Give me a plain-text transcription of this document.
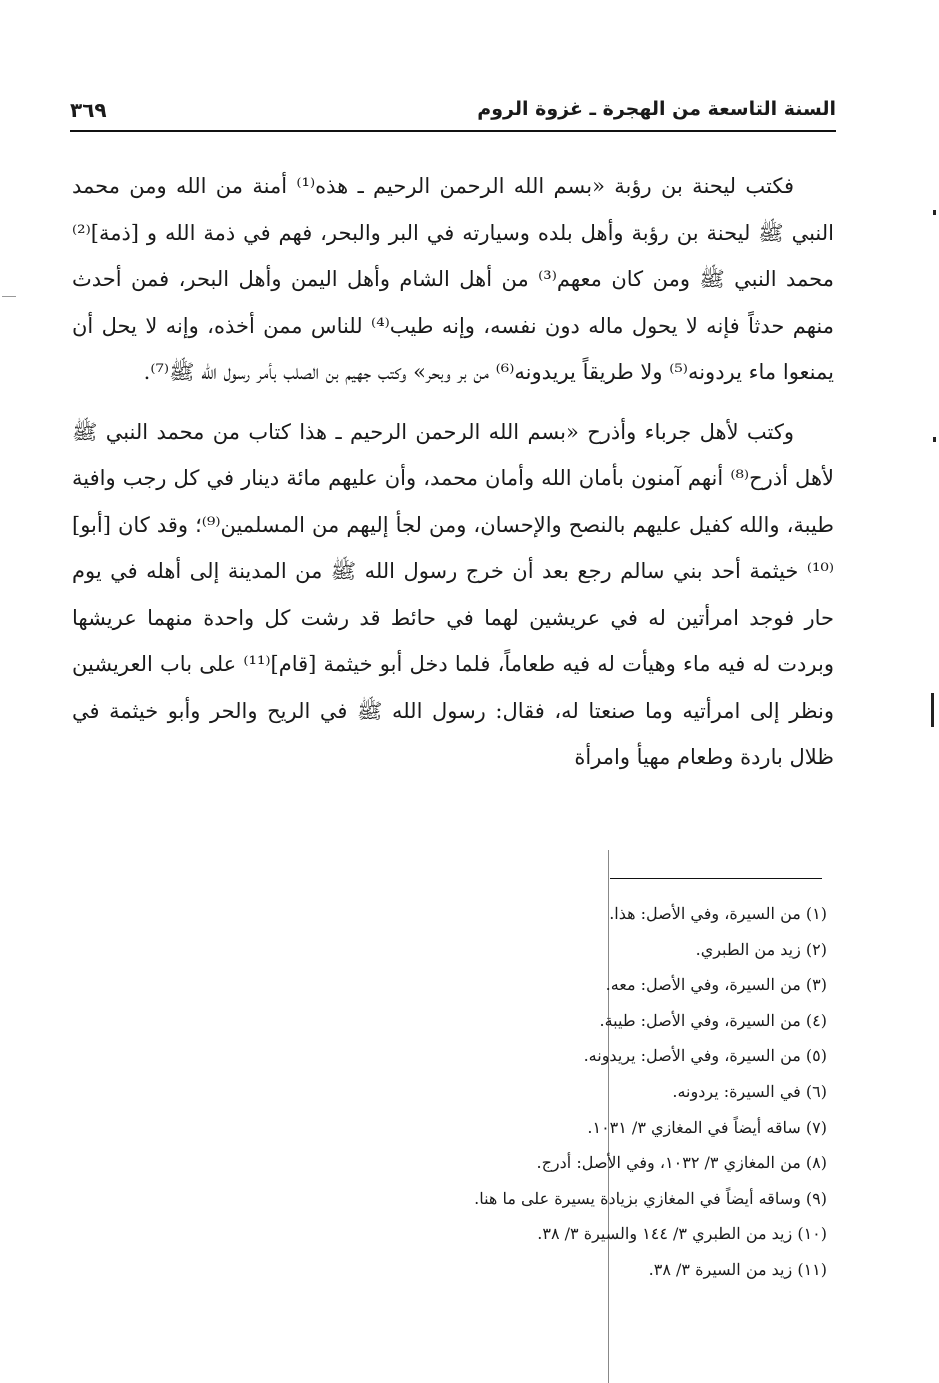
السنة التاسعة من الهجرة ـ غزوة الروم
٣٦٩

فكتب ليحنة بن رؤبة «بسم الله الرحمن الرحيم ـ هذه⁽¹⁾ أمنة من الله ومن محمد النبي ﷺ ليحنة بن رؤبة وأهل بلده وسيارته في البر والبحر، فهم في ذمة الله و [ذمة]⁽²⁾ محمد النبي ﷺ ومن كان معهم⁽³⁾ من أهل الشام وأهل اليمن وأهل البحر، فمن أحدث منهم حدثاً فإنه لا يحول ماله دون نفسه، وإنه طيب⁽⁴⁾ للناس ممن أخذه، وإنه لا يحل أن يمنعوا ماء يردونه⁽⁵⁾ ولا طريقاً يريدونه⁽⁶⁾ من بر وبحر» وكتب جهيم بن الصلب بأمر رسول الله ﷺ⁽⁷⁾.

وكتب لأهل جرباء وأذرح «بسم الله الرحمن الرحيم ـ هذا كتاب من محمد النبي ﷺ لأهل أذرح⁽⁸⁾ أنهم آمنون بأمان الله وأمان محمد، وأن عليهم مائة دينار في كل رجب وافية طيبة، والله كفيل عليهم بالنصح والإحسان، ومن لجأ إليهم من المسلمين⁽⁹⁾؛ وقد كان [أبو]⁽¹⁰⁾ خيثمة أحد بني سالم رجع بعد أن خرج رسول الله ﷺ من المدينة إلى أهله في يوم حار فوجد امرأتين له في عريشين لهما في حائط قد رشت كل واحدة منهما عريشها وبردت له فيه ماء وهيأت له فيه طعاماً، فلما دخل أبو خيثمة [قام]⁽¹¹⁾ على باب العريشين ونظر إلى امرأتيه وما صنعتا له، فقال: رسول الله ﷺ في الريح والحر وأبو خيثمة في ظلال باردة وطعام مهيأ وامرأة

(١) من السيرة، وفي الأصل: هذا.
(٢) زيد من الطبري.
(٣) من السيرة، وفي الأصل: معه.
(٤) من السيرة، وفي الأصل: طيبة.
(٥) من السيرة، وفي الأصل: يريدونه.
(٦) في السيرة: يردونه.
(٧) ساقه أيضاً في المغازي ٣/ ١٠٣١.
(٨) من المغازي ٣/ ١٠٣٢، وفي الأصل: أدرج.
(٩) وساقه أيضاً في المغازي بزيادة يسيرة على ما هنا.
(١٠) زيد من الطبري ٣/ ١٤٤ والسيرة ٣/ ٣٨.
(١١) زيد من السيرة ٣/ ٣٨.
